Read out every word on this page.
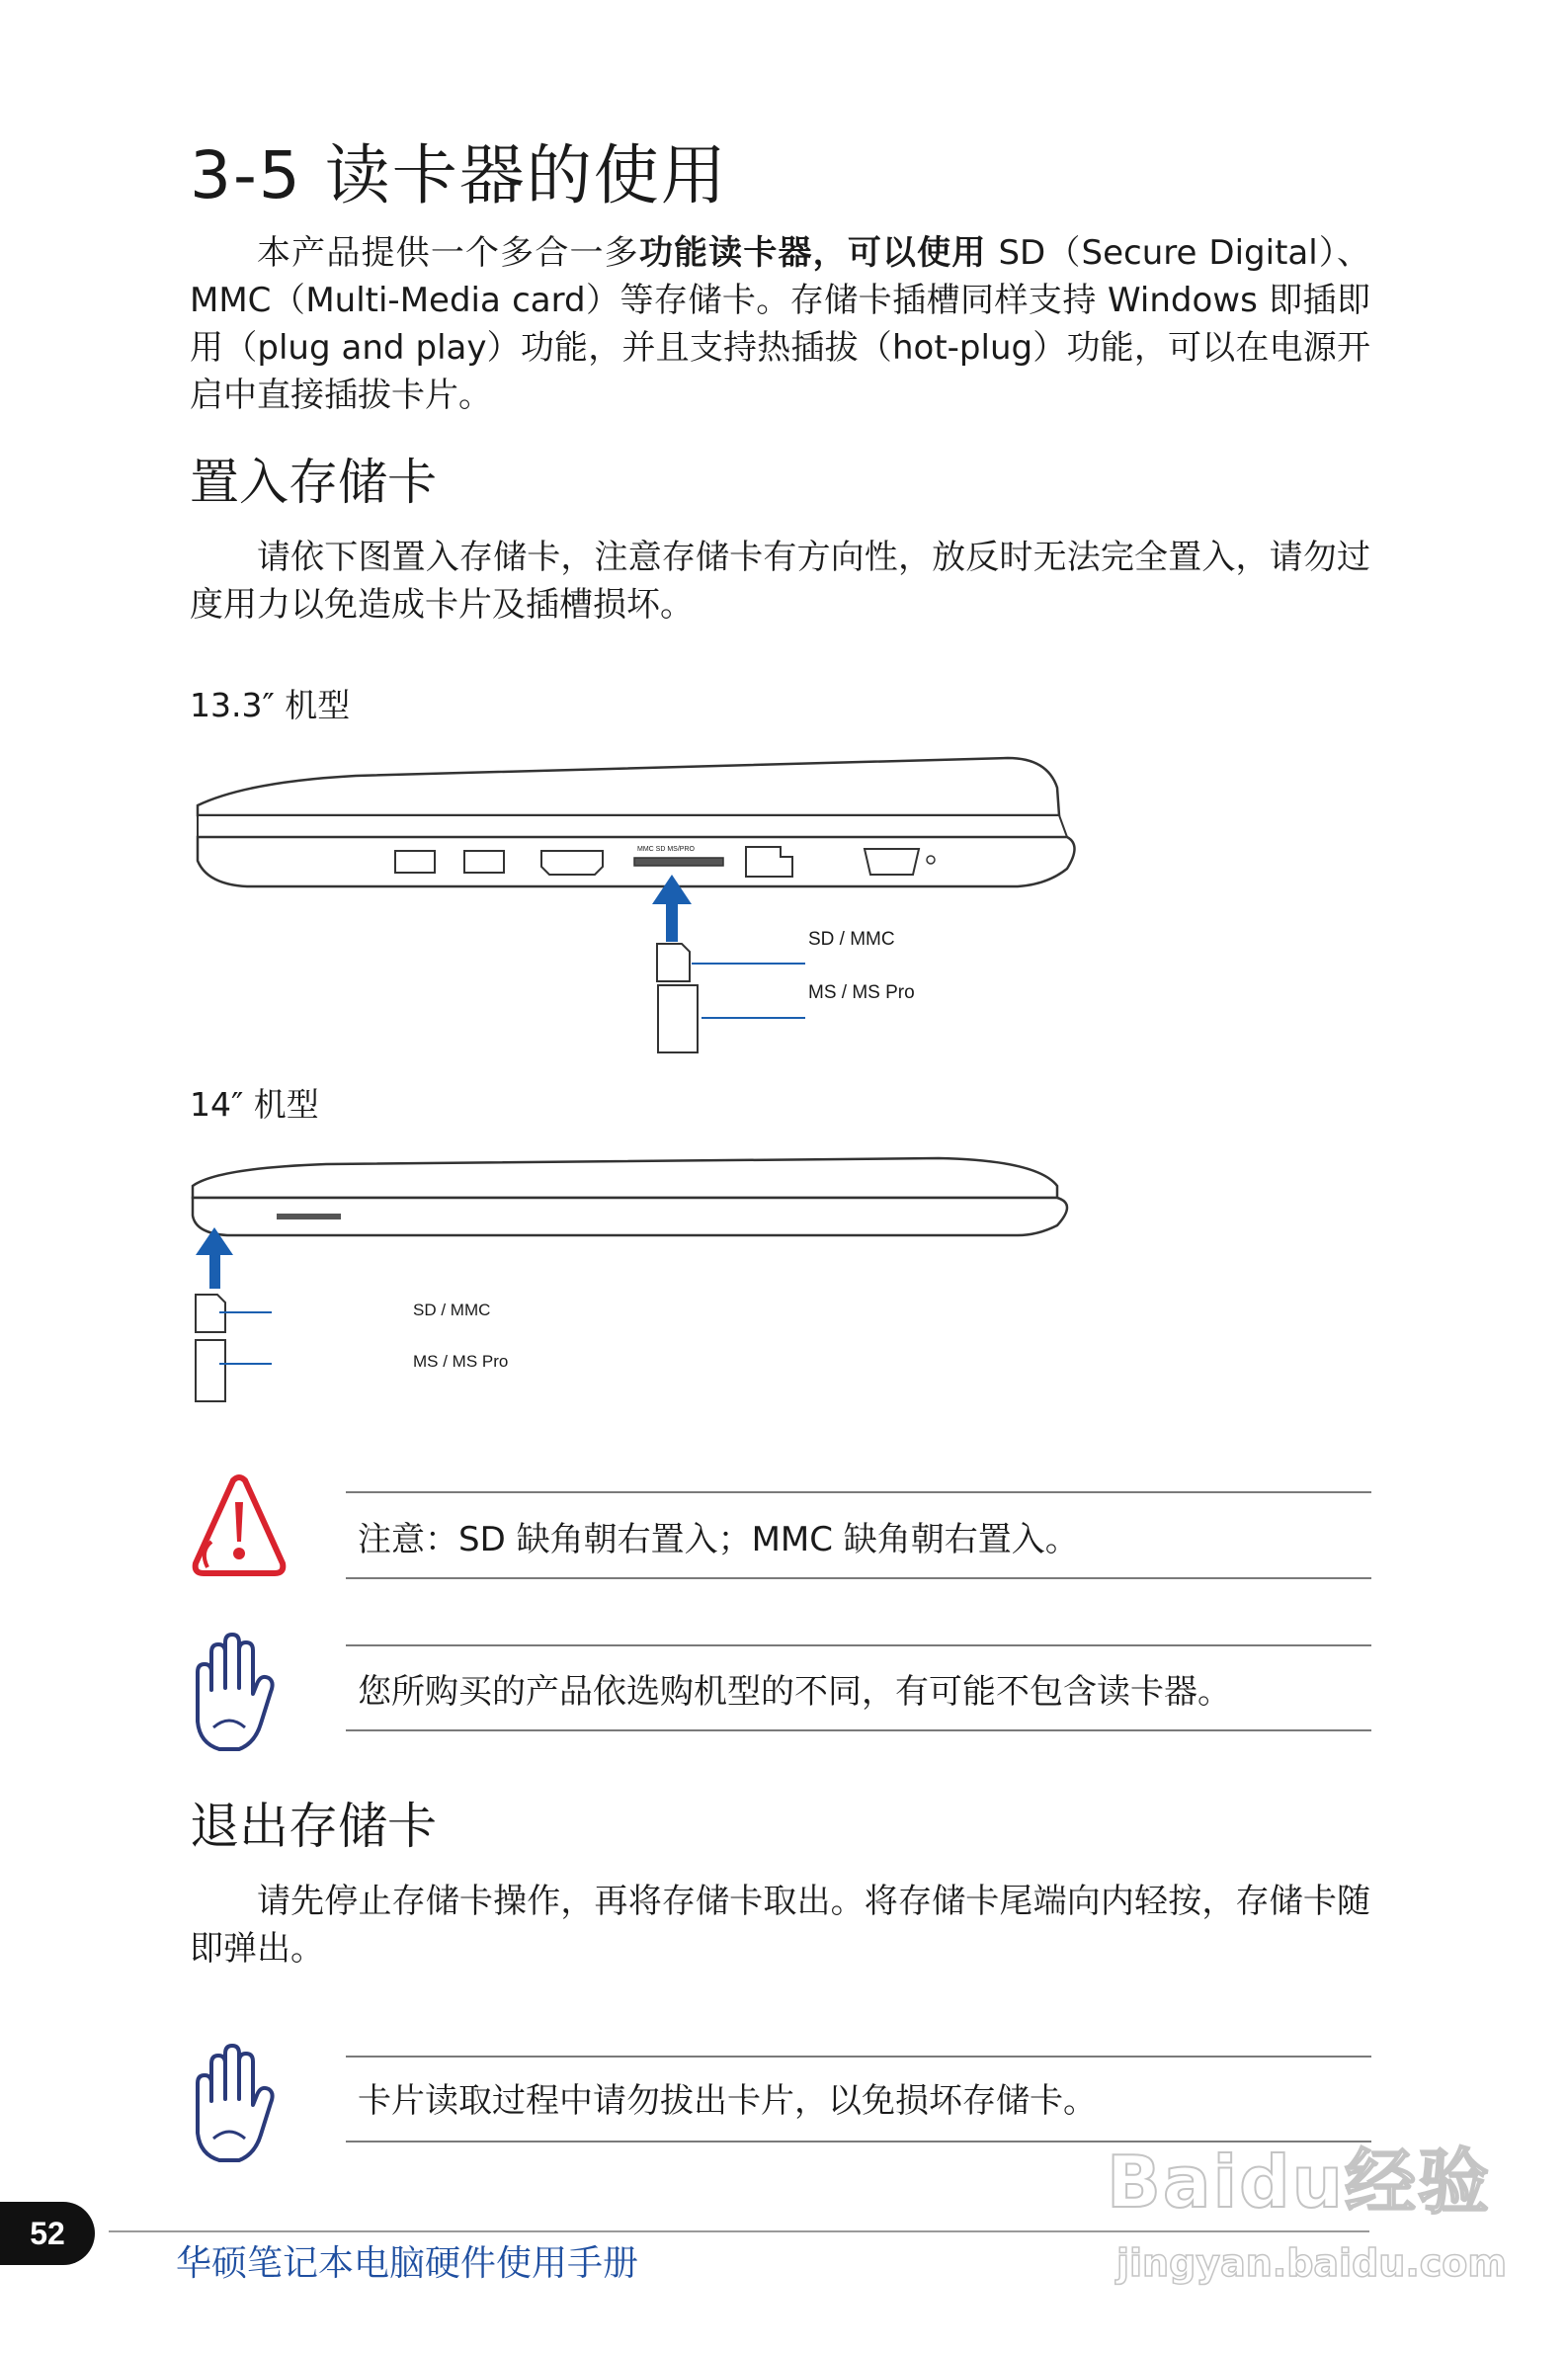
3-5 读卡器的使用
本产品提供一个多合一多功能读卡器，可以使用 SD（Secure Digital）、MMC（Multi-Media card）等存储卡。存储卡插槽同样支持 Windows 即插即用（plug and play）功能，并且支持热插拔（hot-plug）功能，可以在电源开启中直接插拔卡片。
置入存储卡
请依下图置入存储卡，注意存储卡有方向性，放反时无法完全置入，请勿过度用力以免造成卡片及插槽损坏。
13.3″ 机型
SD / MMC
MS / MS Pro
MMC SD MS/PRO
14″ 机型
SD / MMC
MS / MS Pro
注意：SD 缺角朝右置入；MMC 缺角朝右置入。
您所购买的产品依选购机型的不同，有可能不包含读卡器。
退出存储卡
请先停止存储卡操作，再将存储卡取出。将存储卡尾端向内轻按，存储卡随即弹出。
卡片读取过程中请勿拔出卡片，以免损坏存储卡。
52
华硕笔记本电脑硬件使用手册
Baidu经验
jingyan.baidu.com
